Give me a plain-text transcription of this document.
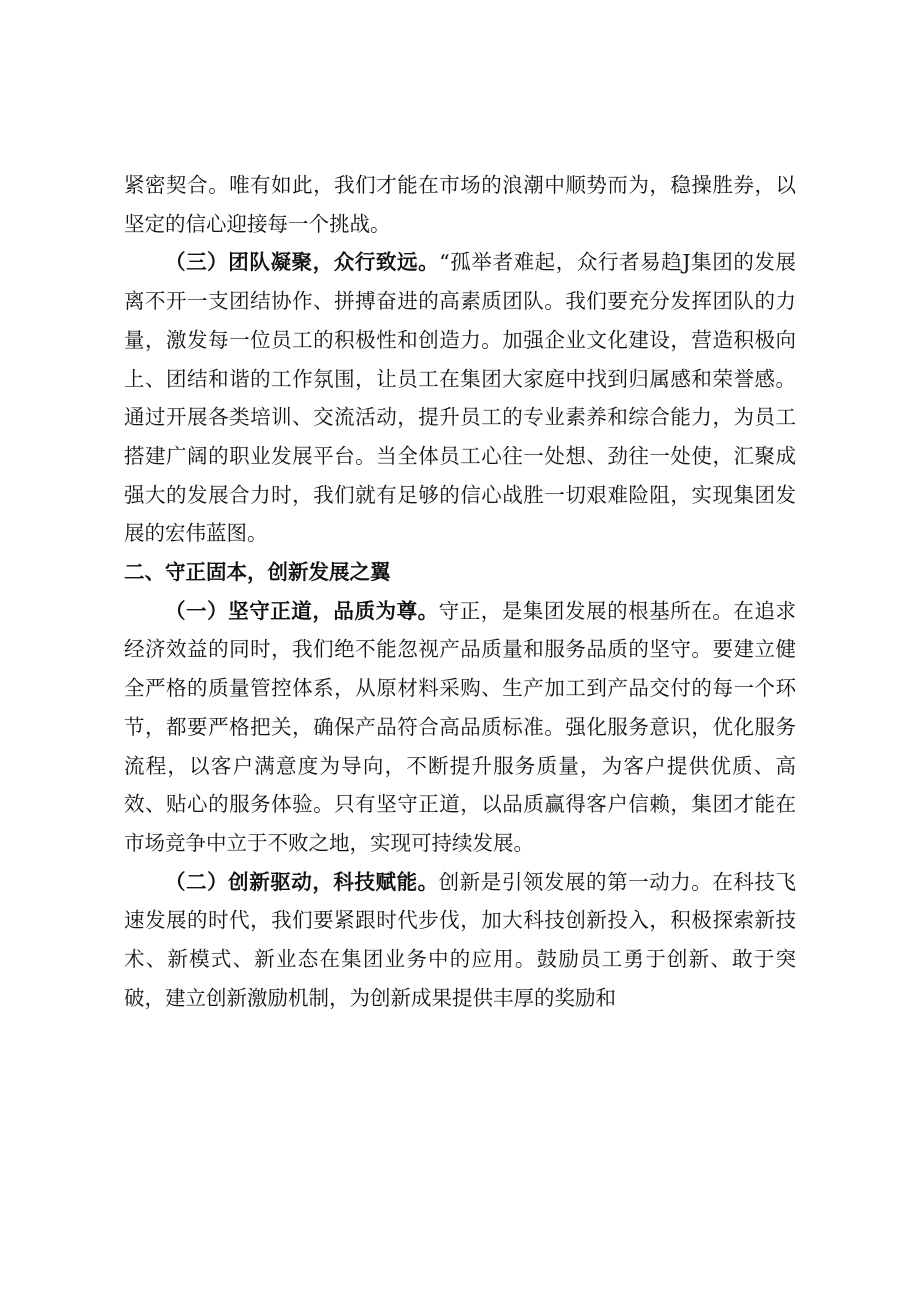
紧密契合。唯有如此，我们才能在市场的浪潮中顺势而为，稳操胜券，以坚定的信心迎接每一个挑战。

（三）团队凝聚，众行致远。“孤举者难起，众行者易趋J集团的发展离不开一支团结协作、拼搏奋进的高素质团队。我们要充分发挥团队的力量，激发每一位员工的积极性和创造力。加强企业文化建设，营造积极向上、团结和谐的工作氛围，让员工在集团大家庭中找到归属感和荣誉感。通过开展各类培训、交流活动，提升员工的专业素养和综合能力，为员工搭建广阔的职业发展平台。当全体员工心往一处想、劲往一处使，汇聚成强大的发展合力时，我们就有足够的信心战胜一切艰难险阻，实现集团发展的宏伟蓝图。

二、守正固本，创新发展之翼

（一）坚守正道，品质为尊。守正，是集团发展的根基所在。在追求经济效益的同时，我们绝不能忽视产品质量和服务品质的坚守。要建立健全严格的质量管控体系，从原材料采购、生产加工到产品交付的每一个环节，都要严格把关，确保产品符合高品质标准。强化服务意识，优化服务流程，以客户满意度为导向，不断提升服务质量，为客户提供优质、高效、贴心的服务体验。只有坚守正道，以品质赢得客户信赖，集团才能在市场竞争中立于不败之地，实现可持续发展。

（二）创新驱动，科技赋能。创新是引领发展的第一动力。在科技飞速发展的时代，我们要紧跟时代步伐，加大科技创新投入，积极探索新技术、新模式、新业态在集团业务中的应用。鼓励员工勇于创新、敢于突破，建立创新激励机制，为创新成果提供丰厚的奖励和
